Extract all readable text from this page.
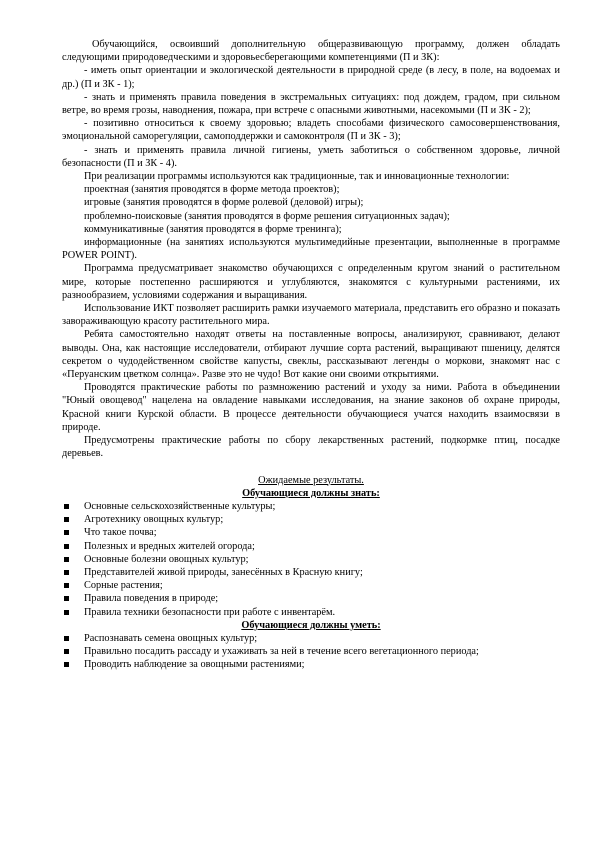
Обучающийся, освоивший дополнительную общеразвивающую программу, должен обладать следующими природоведческими и здоровьесберегающими компетенциями (П и ЗК):

- иметь опыт ориентации и экологической деятельности в природной среде (в лесу, в поле, на водоемах и др.) (П и ЗК - 1);

- знать и применять правила поведения в экстремальных ситуациях: под дождем, градом, при сильном ветре, во время грозы, наводнения, пожара, при встрече с опасными животными, насекомыми (П и ЗК - 2);

- позитивно относиться к своему здоровью; владеть способами физического самосовершенствования, эмоциональной саморегуляции, самоподдержки и самоконтроля (П и ЗК - 3);

- знать и применять правила личной гигиены, уметь заботиться о собственном здоровье, личной безопасности (П и ЗК - 4).

При реализации программы используются как традиционные, так и инновационные технологии:

проектная (занятия проводятся в форме метода проектов);

игровые (занятия проводятся в форме ролевой (деловой) игры);

проблемно-поисковые (занятия проводятся в форме решения ситуационных задач);

коммуникативные (занятия проводятся в форме тренинга);

информационные (на занятиях используются мультимедийные презентации, выполненные в программе POWER POINT).

Программа предусматривает знакомство обучающихся с определенным кругом знаний о растительном мире, которые постепенно расширяются и углубляются, знакомятся с культурными растениями, их разнообразием, условиями содержания и выращивания.

Использование ИКТ позволяет расширить рамки изучаемого материала, представить его образно и показать завораживающую красоту растительного мира.

Ребята самостоятельно находят ответы на поставленные вопросы, анализируют, сравнивают, делают выводы. Она, как настоящие исследователи, отбирают лучшие сорта растений, выращивают пшеницу, делятся секретом о чудодейственном свойстве капусты, свеклы, рассказывают легенды о моркови, знакомят нас с «Перуанским цветком солнца». Разве это не чудо! Вот какие они своими открытиями.

Проводятся практические работы по размножению растений и уходу за ними. Работа в объединении "Юный овощевод" нацелена на овладение навыками исследования, на знание законов об охране природы, Красной книги Курской области. В процессе деятельности обучающиеся учатся находить взаимосвязи в природе.

Предусмотрены практические работы по сбору лекарственных растений, подкормке птиц, посадке деревьев.

Ожидаемые результаты.

Обучающиеся должны знать:

Основные сельскохозяйственные культуры;
Агротехнику овощных культур;
Что такое почва;
Полезных и вредных жителей огорода;
Основные болезни овощных культур;
Представителей живой природы, занесённых в Красную книгу;
Сорные растения;
Правила поведения в природе;
Правила техники безопасности при работе с инвентарём.

Обучающиеся должны уметь:

Распознавать семена овощных культур;
Правильно посадить рассаду и ухаживать за ней в течение всего вегетационного периода;
Проводить наблюдение за овощными растениями;
